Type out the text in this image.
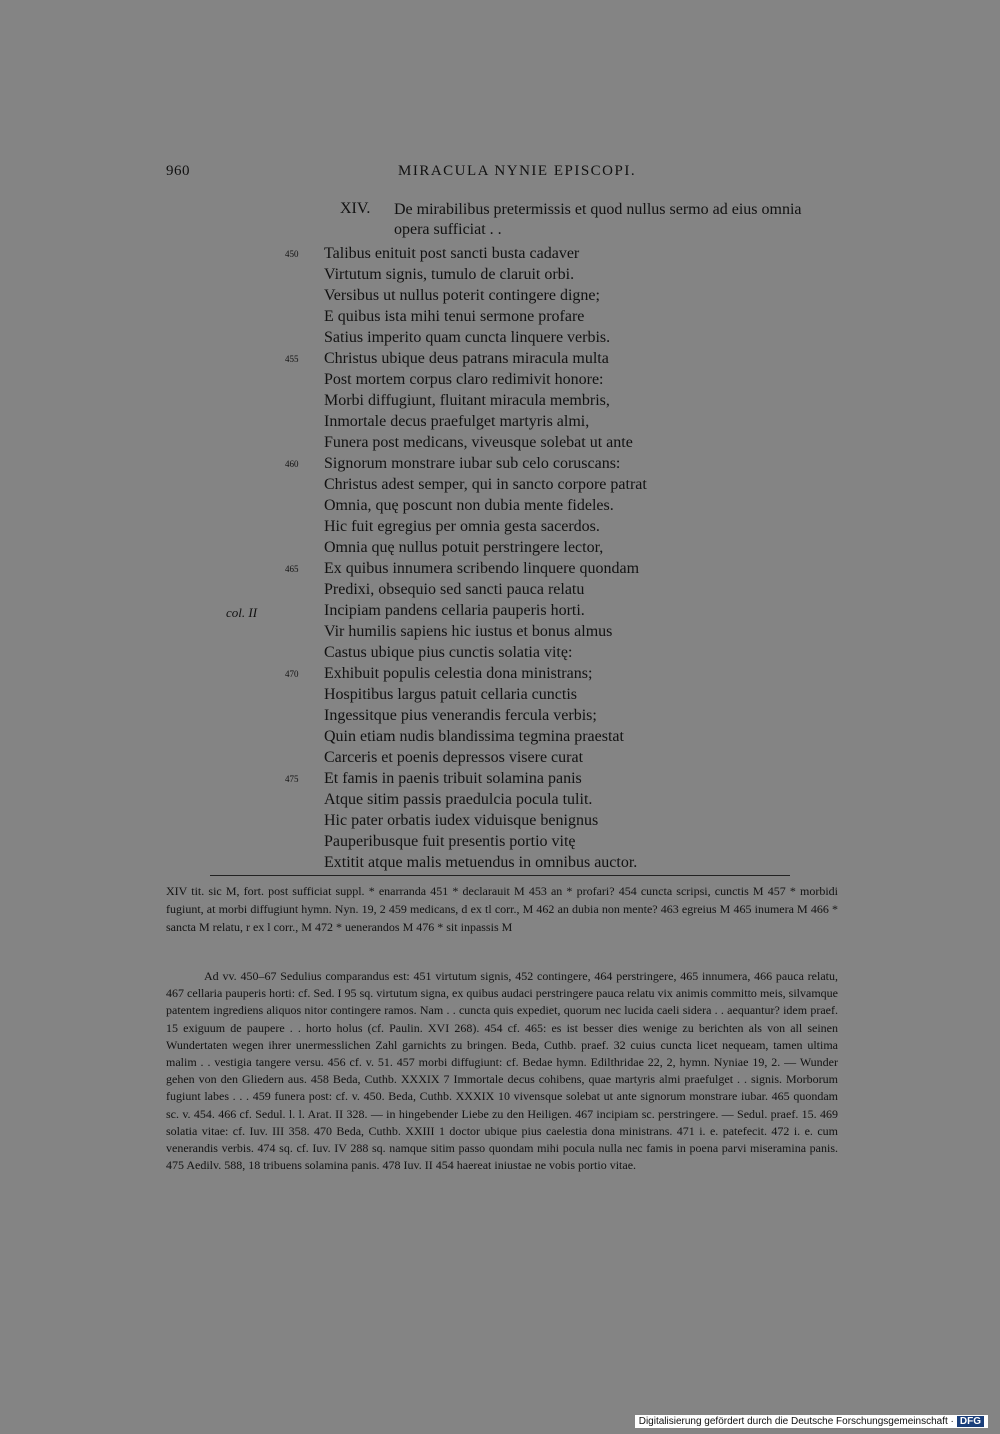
960	MIRACULA NYNIE EPISCOPI.
XIV. De mirabilibus pretermissis et quod nullus sermo ad eius omnia opera sufficiat . .
col. II
450 Talibus enituit post sancti busta cadaver
Virtutum signis, tumulo de claruit orbi.
Versibus ut nullus poterit contingere digne;
E quibus ista mihi tenui sermone profare
Satius imperito quam cuncta linquere verbis.
455 Christus ubique deus patrans miracula multa
Post mortem corpus claro redimivit honore:
Morbi diffugiunt, fluitant miracula membris,
Inmortale decus praefulget martyris almi,
Funera post medicans, viveusque solebat ut ante
460 Signorum monstrare iubar sub celo coruscans:
Christus adest semper, qui in sancto corpore patrat
Omnia, quę poscunt non dubia mente fideles.
Hic fuit egregius per omnia gesta sacerdos.
Omnia quę nullus potuit perstringere lector,
465 Ex quibus innumera scribendo linquere quondam
Predixi, obsequio sed sancti pauca relatu
Incipiam pandens cellaria pauperis horti.
Vir humilis sapiens hic iustus et bonus almus
Castus ubique pius cunctis solatia vitę:
470 Exhibuit populis celestia dona ministrans;
Hospitibus largus patuit cellaria cunctis
Ingessitque pius venerandis fercula verbis;
Quin etiam nudis blandissima tegmina praestat
Carceris et poenis depressos visere curat
475 Et famis in paenis tribuit solamina panis
Atque sitim passis praedulcia pocula tulit.
Hic pater orbatis iudex viduisque benignus
Pauperibusque fuit presentis portio vitę
Extitit atque malis metuendus in omnibus auctor.

XIV tit. sic M, fort. post sufficiat suppl. * enarranda 451 * declarauit M 453 an * profari? 454 cuncta scripsi, cunctis M 457 * morbidi fugiunt, at morbi diffugiunt hymn. Nyn. 19, 2 459 medicans, d ex tl corr., M 462 an dubia non mente? 463 egreius M 465 inumera M 466 * sancta M relatu, r ex l corr., M 472 * uenerandos M 476 * sit inpassis M

Ad vv. 450–67 Sedulius comparandus est: 451 virtutum signis, 452 contingere, 464 perstringere, 465 innumera, 466 pauca relatu, 467 cellaria pauperis horti: cf. Sed. I 95 sq. virtutum signa, ex quibus audaci perstringere pauca relatu vix animis committo meis, silvamque patentem ingrediens aliquos nitor contingere ramos. Nam . . cuncta quis expediet, quorum nec lucida caeli sidera . . aequantur? idem praef. 15 exiguum de paupere . . horto holus (cf. Paulin. XVI 268). 454 cf. 465: es ist besser dies wenige zu berichten als von all seinen Wundertaten wegen ihrer unermesslichen Zahl garnichts zu bringen. Beda, Cuthb. praef. 32 cuius cuncta licet nequeam, tamen ultima malim . . vestigia tangere versu. 456 cf. v. 51. 457 morbi diffugiunt: cf. Bedae hymn. Edilthridae 22, 2, hymn. Nyniae 19, 2. — Wunder gehen von den Gliedern aus. 458 Beda, Cuthb. XXXIX 7 Immortale decus cohibens, quae martyris almi praefulget . . signis. Morborum fugiunt labes . . . 459 funera post: cf. v. 450. Beda, Cuthb. XXXIX 10 vivensque solebat ut ante signorum monstrare iubar. 465 quondam sc. v. 454. 466 cf. Sedul. l. l. Arat. II 328. — in hingebender Liebe zu den Heiligen. 467 incipiam sc. perstringere. — Sedul. praef. 15. 469 solatia vitae: cf. Iuv. III 358. 470 Beda, Cuthb. XXIII 1 doctor ubique pius caelestia dona ministrans. 471 i. e. patefecit. 472 i. e. cum venerandis verbis. 474 sq. cf. Iuv. IV 288 sq. namque sitim passo quondam mihi pocula nulla nec famis in poena parvi miseramina panis. 475 Aedilv. 588, 18 tribuens solamina panis. 478 Iuv. II 454 haereat iniustae ne vobis portio vitae.

Digitalisierung gefördert durch die Deutsche Forschungsgemeinschaft · DFG
